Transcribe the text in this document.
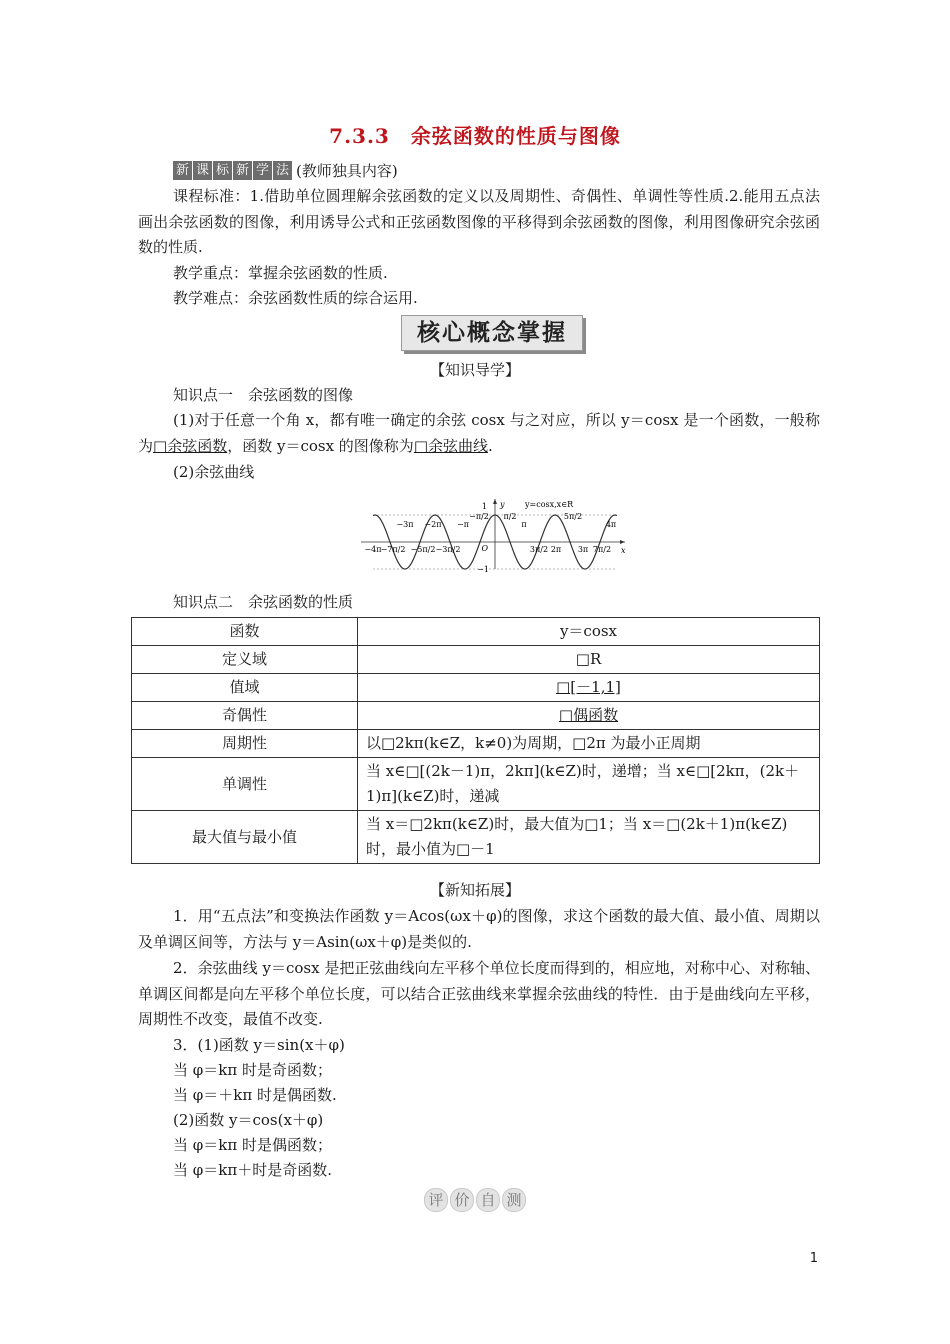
7.3.3　余弦函数的性质与图像
新 课 标 新 学 法 (教师独具内容)
课程标准：1.借助单位圆理解余弦函数的定义以及周期性、奇偶性、单调性等性质.2.能用五点法画出余弦函数的图像，利用诱导公式和正弦函数图像的平移得到余弦函数的图像，利用图像研究余弦函数的性质.
教学重点：掌握余弦函数的性质.
教学难点：余弦函数性质的综合运用.
核心概念掌握
【知识导学】
知识点一　余弦函数的图像
(1)对于任意一个角 x，都有唯一确定的余弦 cosx 与之对应，所以 y＝cosx 是一个函数，一般称为□余弦函数，函数 y＝cosx 的图像称为□余弦曲线.
(2)余弦曲线
1 y	y=cosx,x∈R
x
O
−1
−3π −2π −π
−π/2 π/2
π
5π/2
4π
−4π −7π/2 −5π/2 −3π/2	3π/2 2π 3π 7π/2
知识点二　余弦函数的性质
函数	y＝cosx
定义域	□R
值域	□[－1,1]
奇偶性	□偶函数
周期性	以□2kπ(k∈Z，k≠0)为周期，□2π 为最小正周期
单调性	当 x∈□[(2k－1)π，2kπ](k∈Z)时，递增；当 x∈□[2kπ，(2k＋1)π](k∈Z)时，递减
最大值与最小值	当 x＝□2kπ(k∈Z)时，最大值为□1；当 x＝□(2k＋1)π(k∈Z)时，最小值为□－1
【新知拓展】
1．用“五点法”和变换法作函数 y＝Acos(ωx＋φ)的图像，求这个函数的最大值、最小值、周期以及单调区间等，方法与 y＝Asin(ωx＋φ)是类似的.
2．余弦曲线 y＝cosx 是把正弦曲线向左平移个单位长度而得到的，相应地，对称中心、对称轴、单调区间都是向左平移个单位长度，可以结合正弦曲线来掌握余弦曲线的特性．由于是曲线向左平移，周期性不改变，最值不改变.
3．(1)函数 y＝sin(x＋φ)
当 φ＝kπ 时是奇函数；
当 φ＝＋kπ 时是偶函数.
(2)函数 y＝cos(x＋φ)
当 φ＝kπ 时是偶函数；
当 φ＝kπ＋时是奇函数.
评 价 自 测
1
